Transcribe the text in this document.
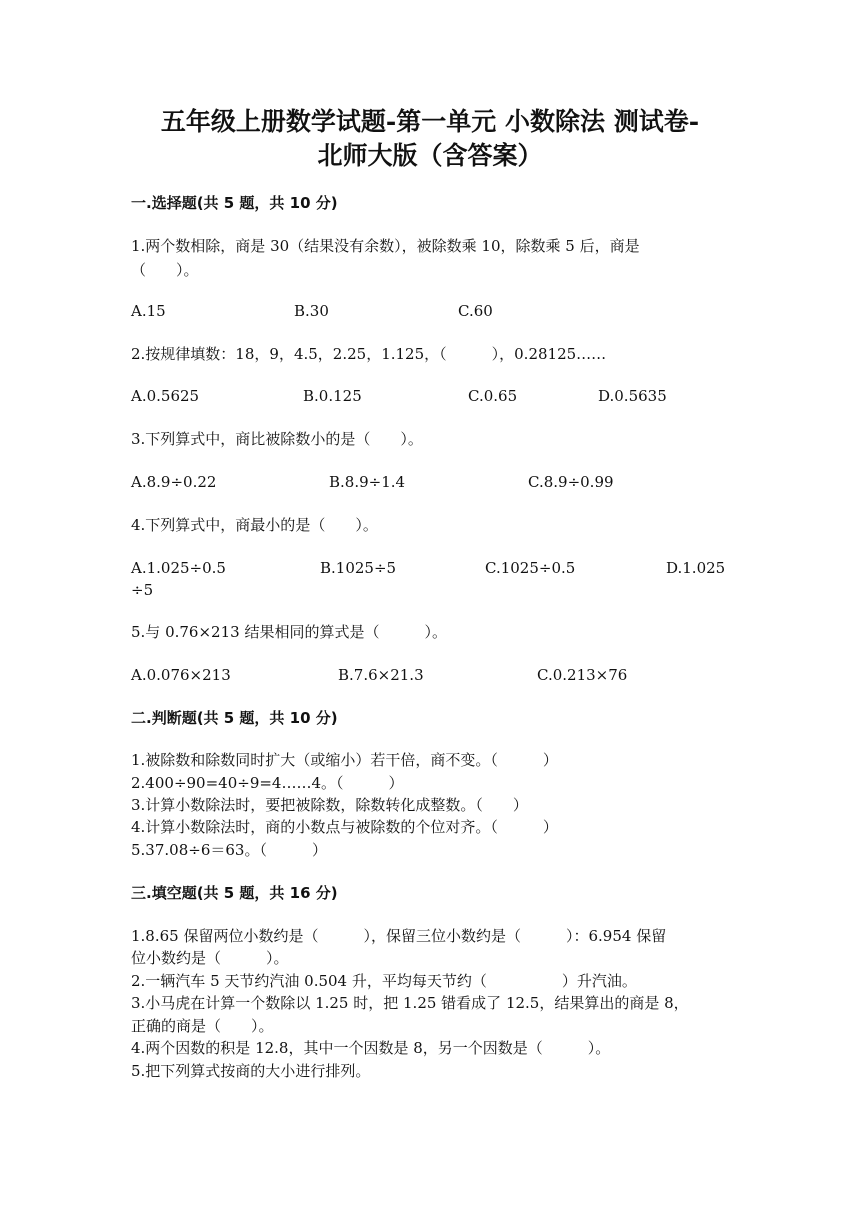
五年级上册数学试题-第一单元 小数除法 测试卷-
北师大版（含答案）
一.选择题(共 5 题，共 10 分)
1.两个数相除，商是 30（结果没有余数），被除数乘 10，除数乘 5 后，商是
（　　）。
A.15	B.30	C.60
2.按规律填数：18，9，4.5，2.25，1.125，（　　　），0.28125……
A.0.5625	B.0.125	C.0.65	D.0.5635
3.下列算式中，商比被除数小的是（　　）。
A.8.9÷0.22	B.8.9÷1.4	C.8.9÷0.99
4.下列算式中，商最小的是（　　）。
A.1.025÷0.5	B.1025÷5	C.1025÷0.5	D.1.025
÷5
5.与 0.76×213 结果相同的算式是（　　　）。
A.0.076×213	B.7.6×21.3	C.0.213×76
二.判断题(共 5 题，共 10 分)
1.被除数和除数同时扩大（或缩小）若干倍，商不变。（　　　）
2.400÷90=40÷9=4……4。（　　　）
3.计算小数除法时，要把被除数，除数转化成整数。（　　）
4.计算小数除法时，商的小数点与被除数的个位对齐。（　　　）
5.37.08÷6＝63。（　　　）
三.填空题(共 5 题，共 16 分)
1.8.65 保留两位小数约是（　　　），保留三位小数约是（　　　）：6.954 保留
位小数约是（　　　）。
2.一辆汽车 5 天节约汽油 0.504 升，平均每天节约（　　　　　）升汽油。
3.小马虎在计算一个数除以 1.25 时，把 1.25 错看成了 12.5，结果算出的商是 8，
正确的商是（　　）。
4.两个因数的积是 12.8，其中一个因数是 8，另一个因数是（　　　）。
5.把下列算式按商的大小进行排列。
